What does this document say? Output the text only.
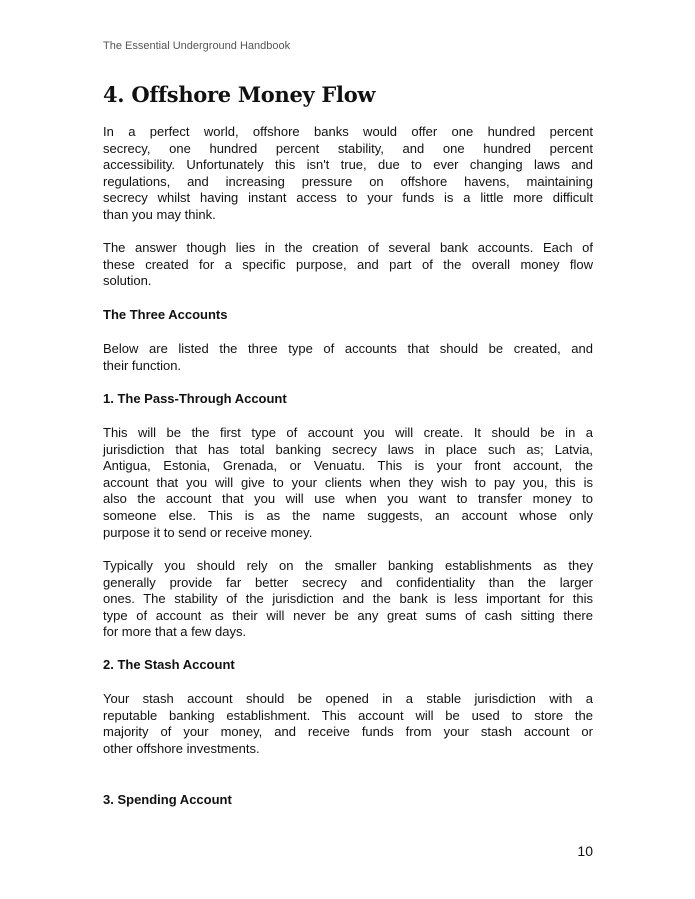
The Essential Underground Handbook
4. Offshore Money Flow
In a perfect world, offshore banks would offer one hundred percent
secrecy, one hundred percent stability, and one hundred percent
accessibility. Unfortunately this isn't true, due to ever changing laws and
regulations, and increasing pressure on offshore havens, maintaining
secrecy whilst having instant access to your funds is a little more difficult
than you may think.
The answer though lies in the creation of several bank accounts. Each of
these created for a specific purpose, and part of the overall money flow
solution.
The Three Accounts
Below are listed the three type of accounts that should be created, and
their function.
1. The Pass-Through Account
This will be the first type of account you will create. It should be in a
jurisdiction that has total banking secrecy laws in place such as; Latvia,
Antigua, Estonia, Grenada, or Venuatu. This is your front account, the
account that you will give to your clients when they wish to pay you, this is
also the account that you will use when you want to transfer money to
someone else. This is as the name suggests, an account whose only
purpose it to send or receive money.
Typically you should rely on the smaller banking establishments as they
generally provide far better secrecy and confidentiality than the larger
ones. The stability of the jurisdiction and the bank is less important for this
type of account as their will never be any great sums of cash sitting there
for more that a few days.
2. The Stash Account
Your stash account should be opened in a stable jurisdiction with a
reputable banking establishment. This account will be used to store the
majority of your money, and receive funds from your stash account or
other offshore investments.
3. Spending Account
10
